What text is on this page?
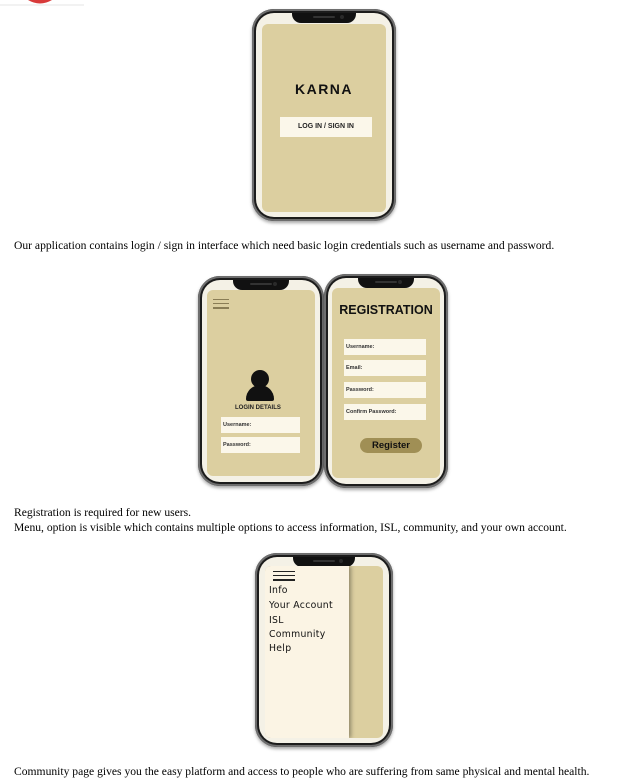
KARNA
LOG IN / SIGN IN
Our application contains login / sign in interface which need basic login credentials such as username and password.
LOGIN DETAILS
Username:
Password:
REGISTRATION
Username:
Email:
Password:
Confirm Password:
Register
Registration is required for new users.
Menu, option is visible which contains multiple options to access information, ISL, community, and your own account.
Info
Your Account
ISL
Community
Help
Community page gives you the easy platform and access to people who are suffering from same physical and mental health.
